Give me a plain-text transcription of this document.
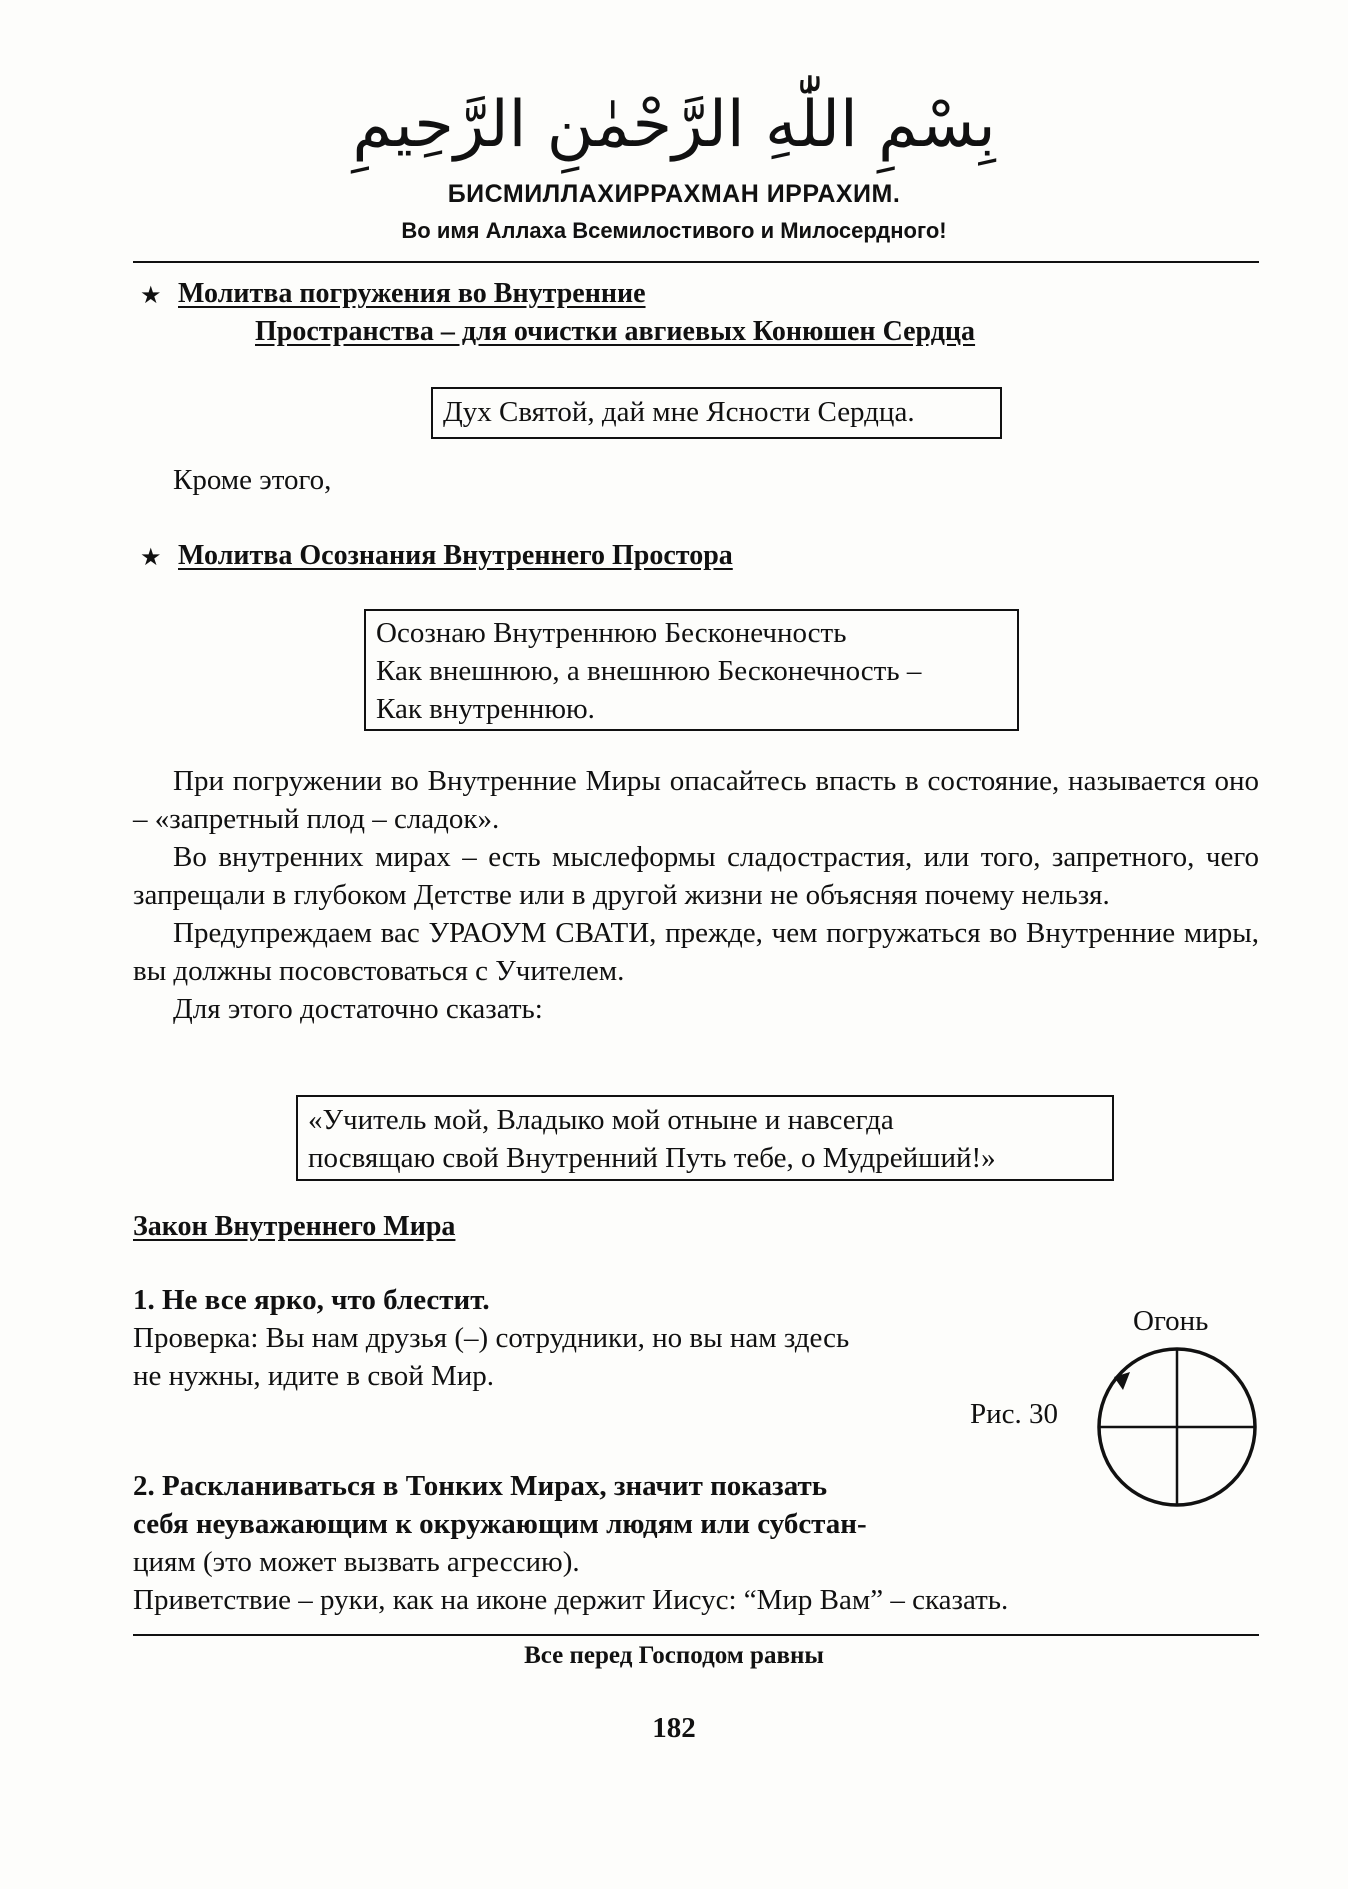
بِسْمِ اللّٰهِ الرَّحْمٰنِ الرَّحِيمِ
БИСМИЛЛАХИРРАХМАН ИРРАХИМ.
Во имя Аллаха Всемилостивого и Милосердного!
★ Молитва погружения во Внутренние
Пространства – для очистки авгиевых Конюшен Сердца
Дух Святой, дай мне Ясности Сердца.
Кроме этого,
★ Молитва Осознания Внутреннего Простора
Осознаю Внутреннюю Бесконечность
Как внешнюю, а внешнюю Бесконечность –
Как внутреннюю.

При погружении во Внутренние Миры опасайтесь впасть в состояние, называется оно – «запретный плод – сладок».

Во внутренних мирах – есть мыслеформы сладострастия, или того, запретного, чего запрещали в глубоком Детстве или в другой жизни не объясняя почему нельзя.

Предупреждаем вас УРАОУМ СВАТИ, прежде, чем погружаться во Внутренние миры, вы должны посовстоваться с Учителем.

Для этого достаточно сказать:

«Учитель мой, Владыко мой отныне и навсегда
посвящаю свой Внутренний Путь тебе, о Мудрейший!»
Закон Внутреннего Мира
1. Не все ярко, что блестит.
Проверка: Вы нам друзья (–) сотрудники, но вы нам здесь
не нужны, идите в свой Мир.
2. Раскланиваться в Тонких Мирах, значит показать
себя неуважающим к окружающим людям или субстан-
циям (это может вызвать агрессию).
Приветствие – руки, как на иконе держит Иисус: “Мир Вам” – сказать.
Огонь
Рис. 30
Все перед Господом равны
182
